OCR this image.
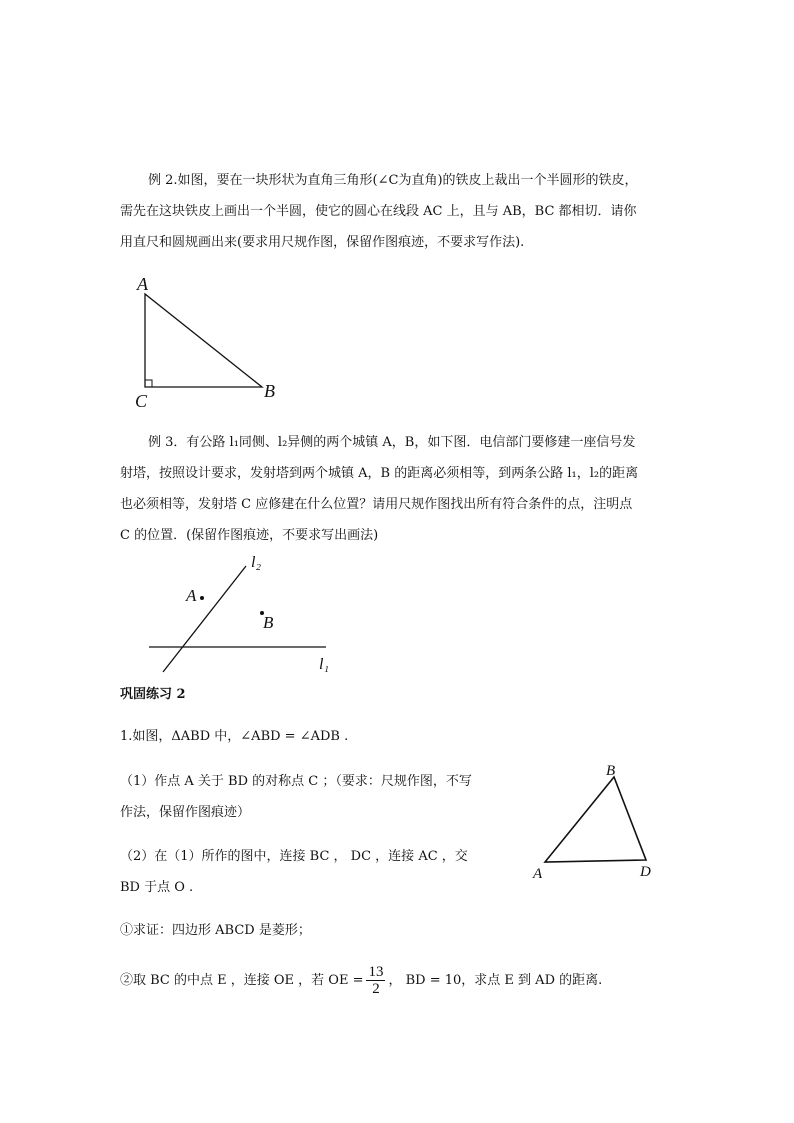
例 2.如图，要在一块形状为直角三角形(∠C为直角)的铁皮上裁出一个半圆形的铁皮，
需先在这块铁皮上画出一个半圆，使它的圆心在线段 AC 上，且与 AB，BC 都相切．请你
用直尺和圆规画出来(要求用尺规作图，保留作图痕迹，不要求写作法).
A
B
C
例 3．有公路 l₁同侧、l₂异侧的两个城镇 A，B，如下图．电信部门要修建一座信号发
射塔，按照设计要求，发射塔到两个城镇 A，B 的距离必须相等，到两条公路 l₁，l₂的距离
也必须相等，发射塔 C 应修建在什么位置？请用尺规作图找出所有符合条件的点，注明点
C 的位置．(保留作图痕迹，不要求写出画法)
A
B
l₂
l₁
巩固练习 2
1.如图，ΔABD 中，∠ABD = ∠ADB .
（1）作点 A 关于 BD 的对称点 C ；（要求：尺规作图，不写
作法，保留作图痕迹）
（2）在（1）所作的图中，连接 BC ， DC ，连接 AC ，交
BD 于点 O .
①求证：四边形 ABCD 是菱形；
②取 BC 的中点 E ，连接 OE ，若 OE = $\frac{13}{2}$ ， BD = 10，求点 E 到 AD 的距离.
B
A	D
